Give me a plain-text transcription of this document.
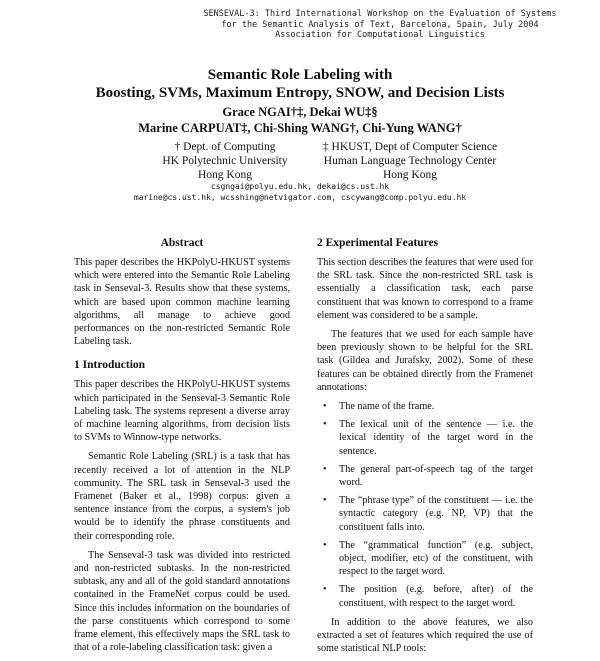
SENSEVAL-3: Third International Workshop on the Evaluation of Systems
for the Semantic Analysis of Text, Barcelona, Spain, July 2004
Association for Computational Linguistics
Semantic Role Labeling with
Boosting, SVMs, Maximum Entropy, SNOW, and Decision Lists
Grace NGAI†‡, Dekai WU‡§
Marine CARPUAT‡, Chi-Shing WANG†, Chi-Yung WANG†
† Dept. of Computing
HK Polytechnic University
Hong Kong
‡ HKUST, Dept of Computer Science
Human Language Technology Center
Hong Kong
csgngai@polyu.edu.hk, dekai@cs.ust.hk
marine@cs.ust.hk, wcsshing@netvigator.com, cscywang@comp.polyu.edu.hk
Abstract

This paper describes the HKPolyU-HKUST systems which were entered into the Semantic Role Labeling task in Senseval-3. Results show that these systems, which are based upon common machine learning algorithms, all manage to achieve good performances on the non-restricted Semantic Role Labeling task.

1 Introduction

This paper describes the HKPolyU-HKUST systems which participated in the Senseval-3 Semantic Role Labeling task. The systems represent a diverse array of machine learning algorithms, from decision lists to SVMs to Winnow-type networks.

Semantic Role Labeling (SRL) is a task that has recently received a lot of attention in the NLP community. The SRL task in Senseval-3 used the Framenet (Baker et al., 1998) corpus: given a sentence instance from the corpus, a system's job would be to identify the phrase constituents and their corresponding role.

The Senseval-3 task was divided into restricted and non-restricted subtasks. In the non-restricted subtask, any and all of the gold standard annotations contained in the FrameNet corpus could be used. Since this includes information on the boundaries of the parse constituents which correspond to some frame element, this effectively maps the SRL task to that of a role-labeling classification task: given a

2 Experimental Features

This section describes the features that were used for the SRL task. Since the non-restricted SRL task is essentially a classification task, each parse constituent that was known to correspond to a frame element was considered to be a sample.

The features that we used for each sample have been previously shown to be helpful for the SRL task (Gildea and Jurafsky, 2002). Some of these features can be obtained directly from the Framenet annotations:

• The name of the frame.
• The lexical unit of the sentence — i.e. the lexical identity of the target word in the sentence.
• The general part-of-speech tag of the target word.
• The “phrase type” of the constituent — i.e. the syntactic category (e.g. NP, VP) that the constituent falls into.
• The “grammatical function” (e.g. subject, object, modifier, etc) of the constituent, with respect to the target word.
• The position (e.g. before, after) of the constituent, with respect to the target word.

In addition to the above features, we also extracted a set of features which required the use of some statistical NLP tools:
